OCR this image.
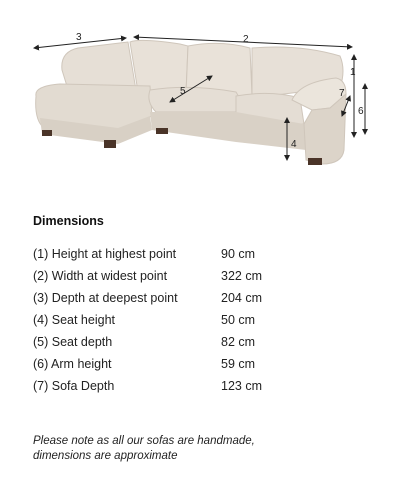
3	2
1
6
4
5	7
Dimensions
(1) Height at highest point	90 cm
(2) Width at widest point	322 cm
(3) Depth at deepest point	204 cm
(4) Seat height	50 cm
(5) Seat depth	82 cm
(6) Arm height	59 cm
(7) Sofa Depth	123 cm
Please note as all our sofas are handmade,
dimensions are approximate
